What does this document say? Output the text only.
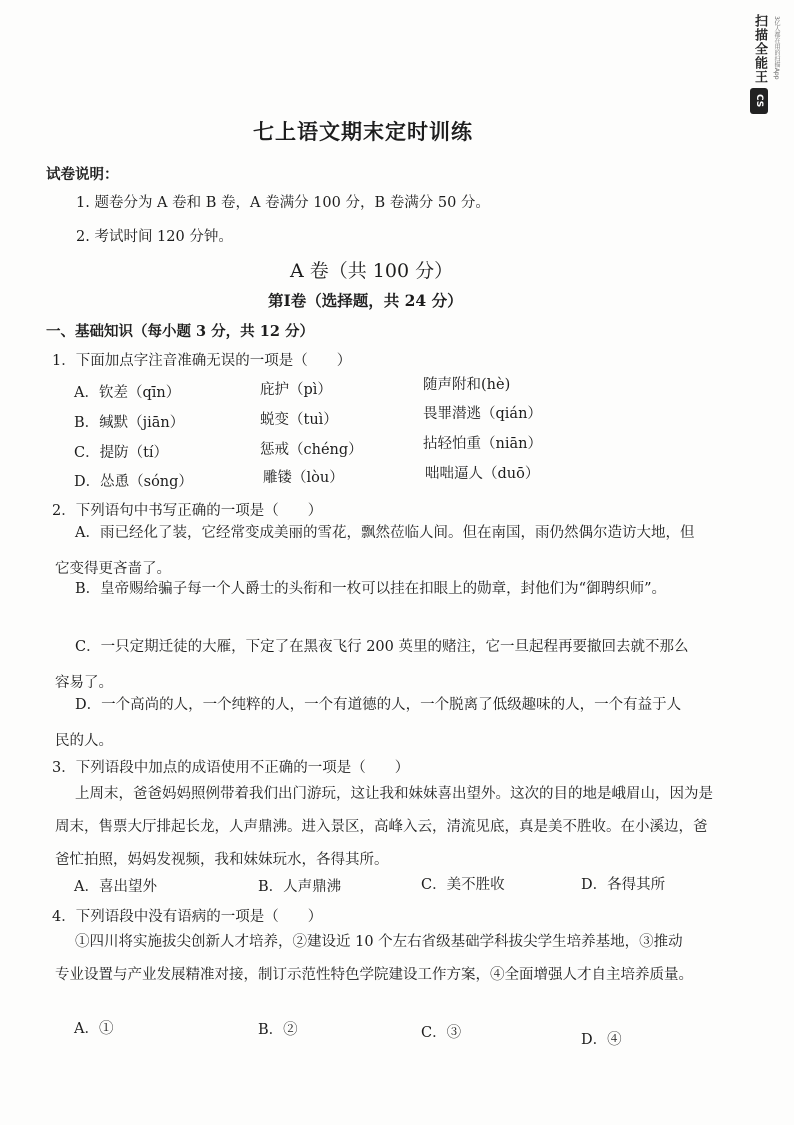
扫描全能王
CS
3亿人都在用的扫描App
七上语文期末定时训练
试卷说明：
1. 题卷分为 A 卷和 B 卷，A 卷满分 100 分，B 卷满分 50 分。
2. 考试时间 120 分钟。
A 卷（共 100 分）
第Ⅰ卷（选择题，共 24 分）
一、基础知识（每小题 3 分，共 12 分）
1．下面加点字注音准确无误的一项是（　　）
A．钦差（qīn）	庇护（pì）	随声附和(hè)
B．缄默（jiān）	蜕变（tuì）	畏罪潜逃（qián）
C．提防（tí）	惩戒（chéng）	拈轻怕重（niān）
D．怂恿（sóng）	雕镂（lòu）	咄咄逼人（duō）
2．下列语句中书写正确的一项是（　　）
A．雨已经化了装，它经常变成美丽的雪花，飘然莅临人间。但在南国，雨仍然偶尔造访大地，但它变得更吝啬了。
B．皇帝赐给骗子每一个人爵士的头衔和一枚可以挂在扣眼上的勋章，封他们为“御聘织师”。
C．一只定期迁徒的大雁，下定了在黑夜飞行 200 英里的赌注，它一旦起程再要撤回去就不那么容易了。
D．一个高尚的人，一个纯粹的人，一个有道德的人，一个脱离了低级趣味的人，一个有益于人民的人。
3．下列语段中加点的成语使用不正确的一项是（　　）
上周末，爸爸妈妈照例带着我们出门游玩，这让我和妹妹喜出望外。这次的目的地是峨眉山，因为是周末，售票大厅排起长龙，人声鼎沸。进入景区，高峰入云，清流见底，真是美不胜收。在小溪边，爸爸忙拍照，妈妈发视频，我和妹妹玩水，各得其所。
A．喜出望外	B．人声鼎沸	C．美不胜收	D．各得其所
4．下列语段中没有语病的一项是（　　）
①四川将实施拔尖创新人才培养，②建设近 10 个左右省级基础学科拔尖学生培养基地，③推动专业设置与产业发展精准对接，制订示范性特色学院建设工作方案，④全面增强人才自主培养质量。
A．①	B．②	C．③	D．④
